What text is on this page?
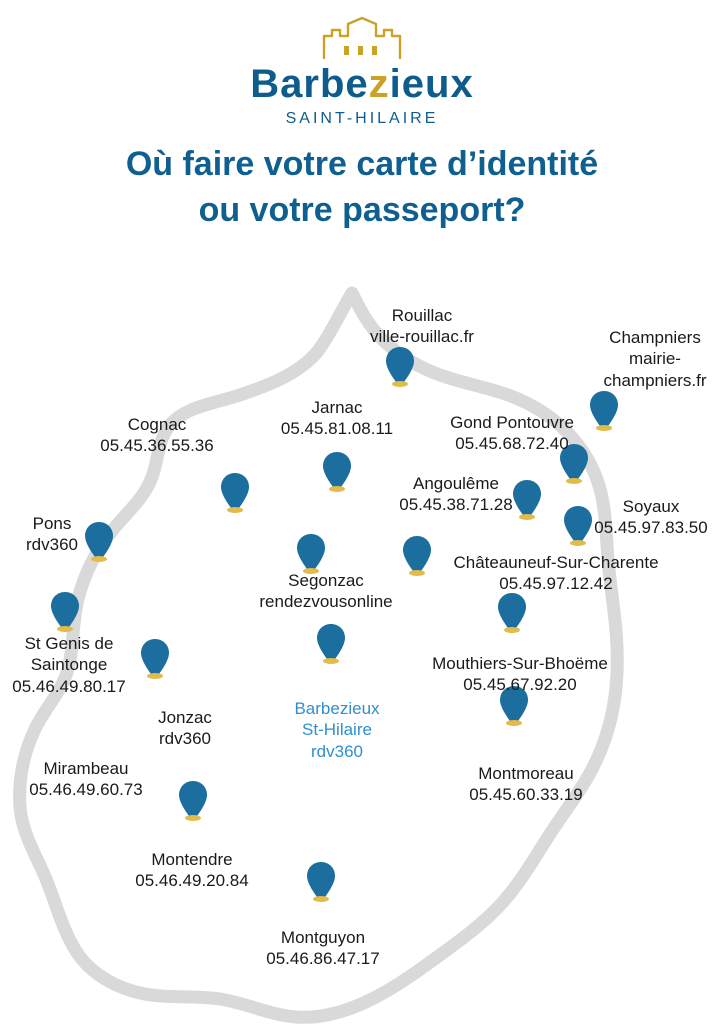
Barbezieux
SAINT-HILAIRE
Où faire votre carte d’identité
ou votre passeport?
Rouillac
ville-rouillac.fr	Champniers
mairie-
champniers.fr
Jarnac
05.45.81.08.11	Gond Pontouvre
05.45.68.72.40
Cognac
05.45.36.55.36
Angoulême
05.45.38.71.28	Soyaux
05.45.97.83.50
Pons
rdv360
Châteauneuf-Sur-Charente
05.45.97.12.42
Segonzac
rendezvousonline
St Genis de
Saintonge
05.46.49.80.17
Mouthiers-Sur-Bhoëme
05.45.67.92.20
Jonzac
rdv360
Barbezieux
St-Hilaire
rdv360
Mirambeau
05.46.49.60.73
Montmoreau
05.45.60.33.19
Montendre
05.46.49.20.84
Montguyon
05.46.86.47.17
